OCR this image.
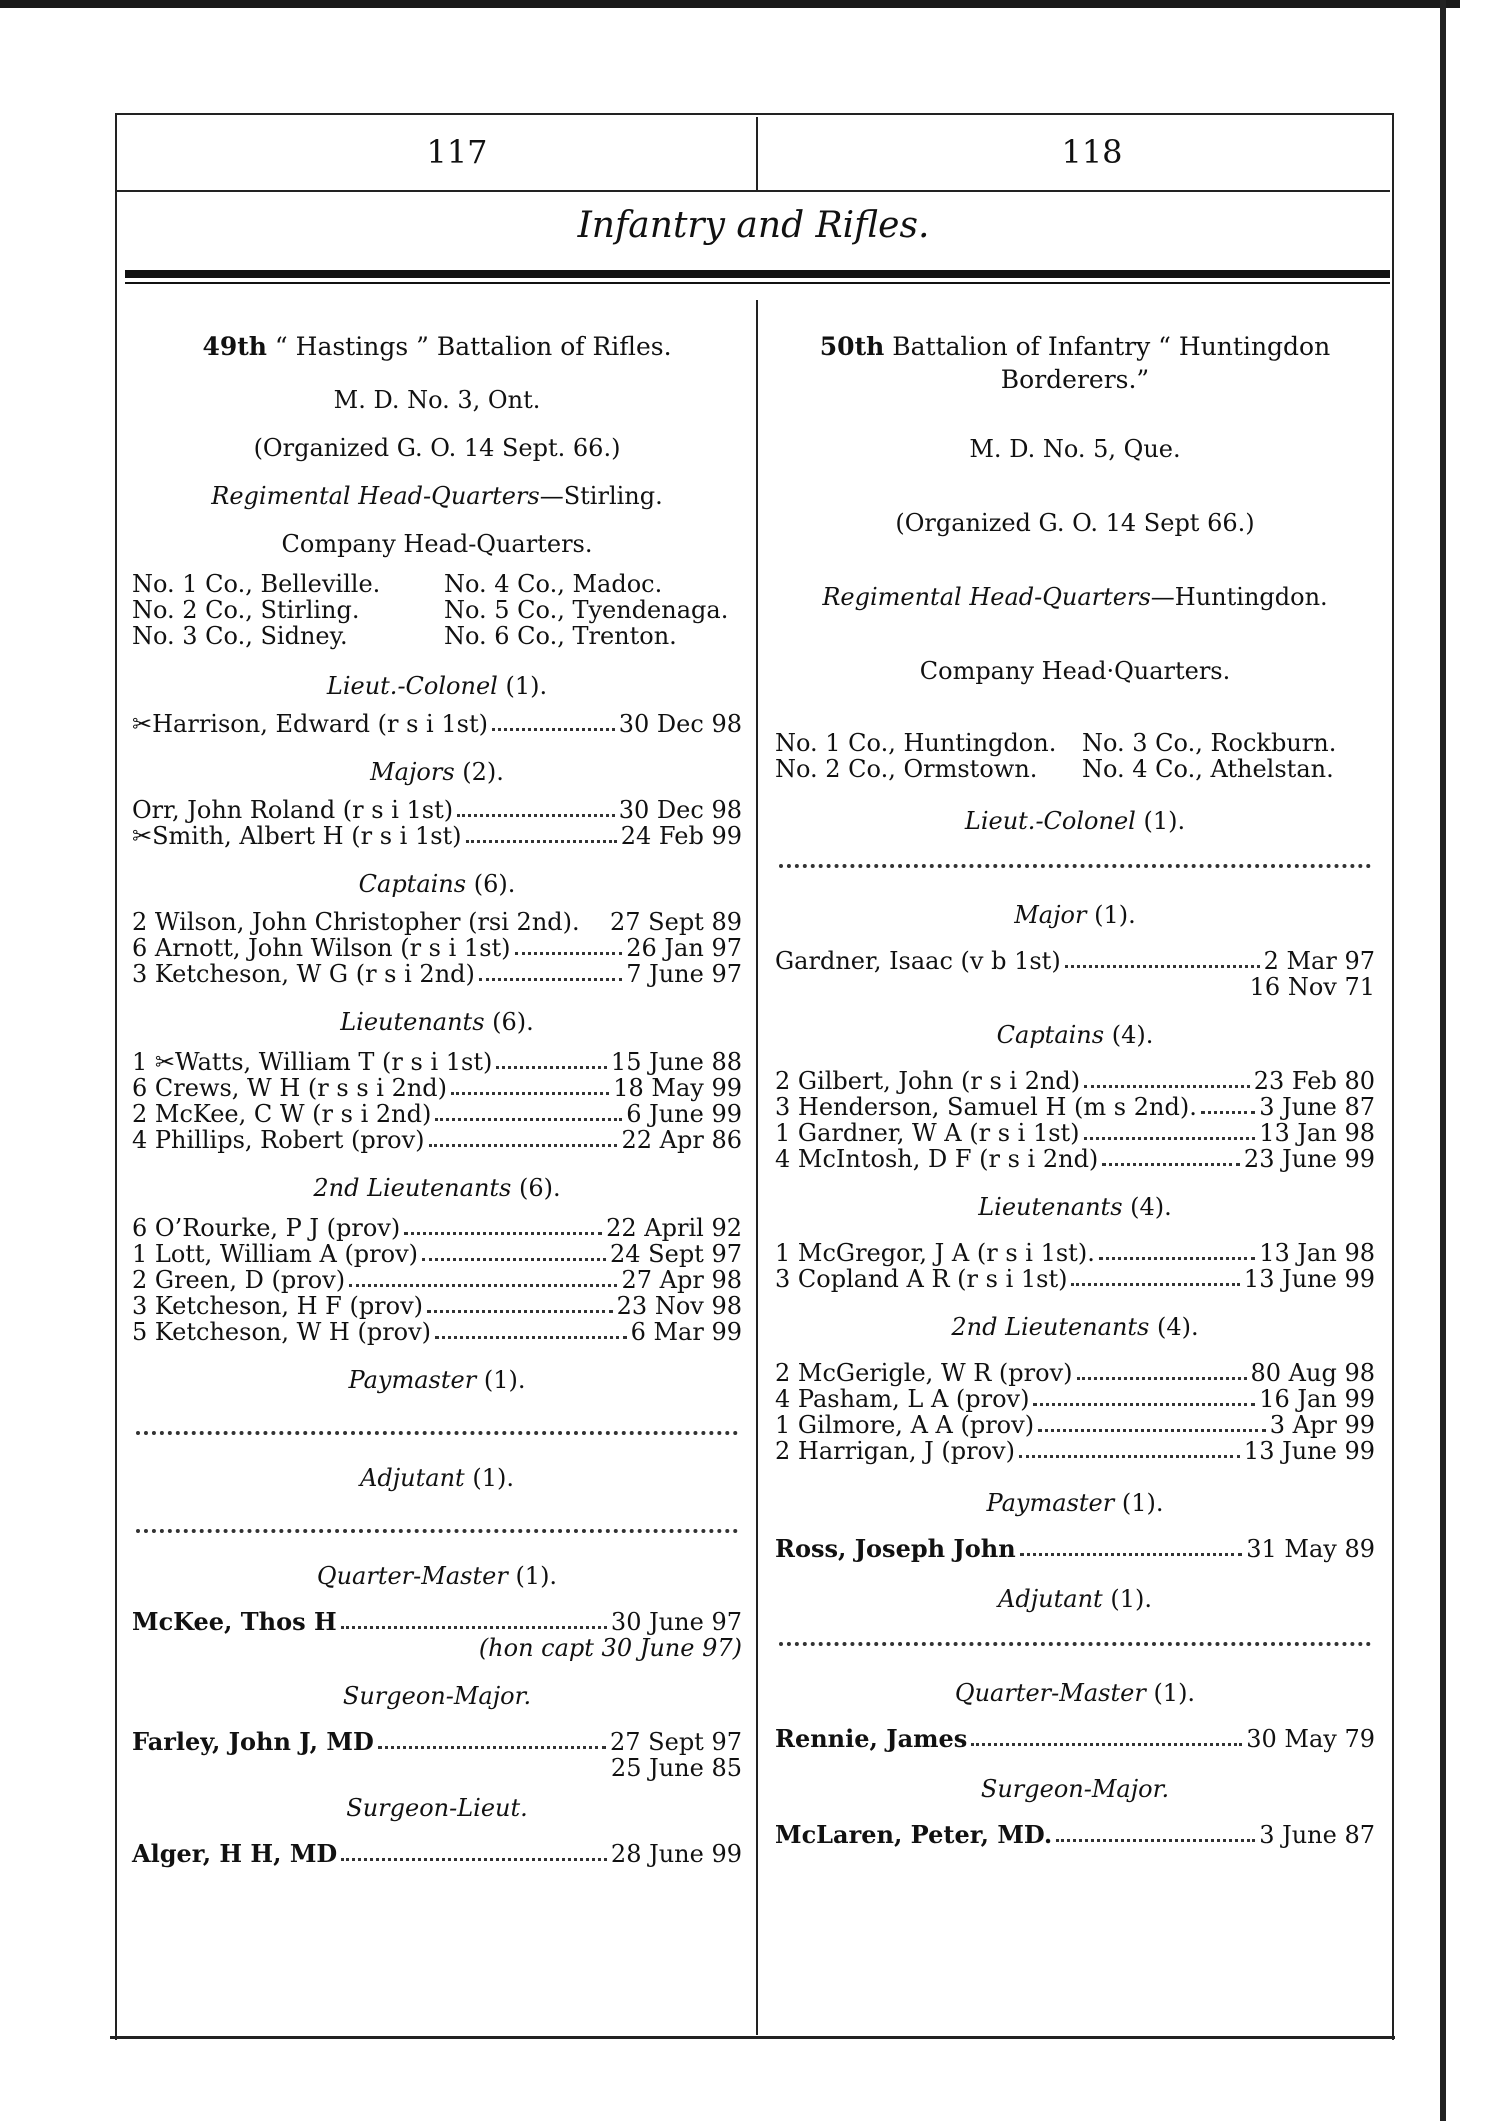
117	118
Infantry and Rifles.
49th “ Hastings ” Battalion of Rifles.
M. D. No. 3, Ont.
(Organized G. O. 14 Sept. 66.)
Regimental Head-Quarters—Stirling.
Company Head-Quarters.
No. 1 Co., Belleville.	No. 4 Co., Madoc.
No. 2 Co., Stirling.	No. 5 Co., Tyendenaga.
No. 3 Co., Sidney.	No. 6 Co., Trenton.
Lieut.-Colonel (1).
✂Harrison, Edward (r s i 1st)	30 Dec 98
Majors (2).
Orr, John Roland (r s i 1st)	30 Dec 98
✂Smith, Albert H (r s i 1st)	24 Feb 99
Captains (6).
2 Wilson, John Christopher (rsi 2nd). 27 Sept 89
6 Arnott, John Wilson (r s i 1st)	26 Jan 97
3 Ketcheson, W G (r s i 2nd)	7 June 97
Lieutenants (6).
1 ✂Watts, William T (r s i 1st)	15 June 88
6 Crews, W H (r s s i 2nd)	18 May 99
2 McKee, C W (r s i 2nd)	6 June 99
4 Phillips, Robert (prov)	22 Apr 86
2nd Lieutenants (6).
6 O’Rourke, P J (prov)	22 April 92
1 Lott, William A (prov)	24 Sept 97
2 Green, D (prov)	27 Apr 98
3 Ketcheson, H F (prov)	23 Nov 98
5 Ketcheson, W H (prov)	6 Mar 99
Paymaster (1).
Adjutant (1).
Quarter-Master (1).
McKee, Thos H	30 June 97
(hon capt 30 June 97)
Surgeon-Major.
Farley, John J, MD	27 Sept 97
25 June 85
Surgeon-Lieut.
Alger, H H, MD	28 June 99
50th Battalion of Infantry “ Huntingdon Borderers.”
M. D. No. 5, Que.
(Organized G. O. 14 Sept 66.)
Regimental Head-Quarters—Huntingdon.
Company Head·Quarters.
No. 1 Co., Huntingdon.	No. 3 Co., Rockburn.
No. 2 Co., Ormstown.	No. 4 Co., Athelstan.
Lieut.-Colonel (1).
Major (1).
Gardner, Isaac (v b 1st)	2 Mar 97
16 Nov 71
Captains (4).
2 Gilbert, John (r s i 2nd)	23 Feb 80
3 Henderson, Samuel H (m s 2nd).	3 June 87
1 Gardner, W A (r s i 1st)	13 Jan 98
4 McIntosh, D F (r s i 2nd)	23 June 99
Lieutenants (4).
1 McGregor, J A (r s i 1st).	13 Jan 98
3 Copland A R (r s i 1st)	13 June 99
2nd Lieutenants (4).
2 McGerigle, W R (prov)	80 Aug 98
4 Pasham, L A (prov)	16 Jan 99
1 Gilmore, A A (prov)	3 Apr 99
2 Harrigan, J (prov)	13 June 99
Paymaster (1).
Ross, Joseph John	31 May 89
Adjutant (1).
Quarter-Master (1).
Rennie, James	30 May 79
Surgeon-Major.
McLaren, Peter, MD.	3 June 87
